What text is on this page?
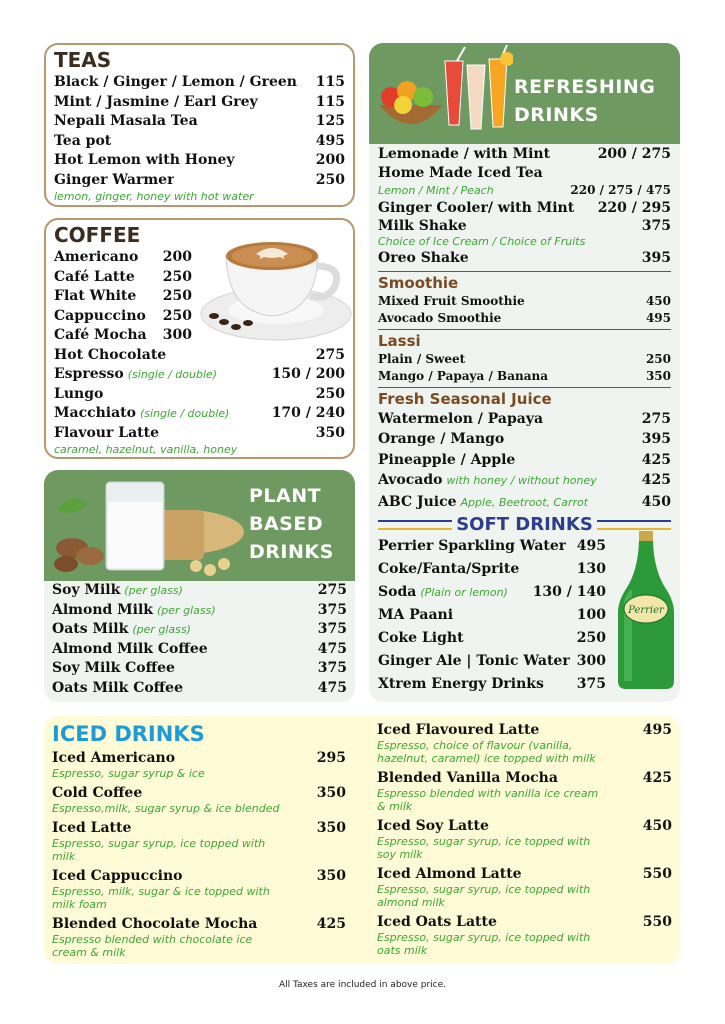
TEAS
Black / Ginger / Lemon / Green 115
Mint / Jasmine / Earl Grey	115
Nepali Masala Tea	125
Tea pot	495
Hot Lemon with Honey	200
Ginger Warmer	250
lemon, ginger, honey with hot water
COFFEE
Americano 200
Café Latte 250
Flat White 250
Cappuccino 250
Café Mocha 300
Hot Chocolate	275
Espresso (single / double)	150 / 200
Lungo	250
Macchiato (single / double)	170 / 240
Flavour Latte	350
caramel, hazelnut, vanilla, honey
PLANT
BASED
DRINKS
Soy Milk (per glass)	275
Almond Milk (per glass)	375
Oats Milk (per glass)	375
Almond Milk Coffee	475
Soy Milk Coffee	375
Oats Milk Coffee	475
REFRESHING
DRINKS
Lemonade / with Mint	200 / 275
Home Made Iced Tea
Lemon / Mint / Peach	220 / 275 / 475
Ginger Cooler/ with Mint 220 / 295
Milk Shake	375
Choice of Ice Cream / Choice of Fruits
Oreo Shake	395
Smoothie
Mixed Fruit Smoothie	450
Avocado Smoothie	495
Lassi
Plain / Sweet	250
Mango / Papaya / Banana	350
Fresh Seasonal Juice
Watermelon / Papaya	275
Orange / Mango	395
Pineapple / Apple	425
Avocado with honey / without honey	425
ABC Juice Apple, Beetroot, Carrot	450
SOFT DRINKS
Perrier Sparkling Water 495
Coke/Fanta/Sprite	130
Soda (Plain or lemon) 130 / 140
MA Paani	100
Coke Light	250
Ginger Ale | Tonic Water 300
Xtrem Energy Drinks 375
Perrier
ICED DRINKS
Iced Americano	295
Espresso, sugar syrup & ice
Cold Coffee	350
Espresso,milk, sugar syrup & ice blended
Iced Latte	350
Espresso, sugar syrup, ice topped with milk
Iced Cappuccino	350
Espresso, milk, sugar & ice topped with milk foam
Blended Chocolate Mocha	425
Espresso blended with chocolate ice cream & milk
Iced Flavoured Latte	495
Espresso, choice of flavour (vanilla, hazelnut, caramel) ice topped with milk
Blended Vanilla Mocha	425
Espresso blended with vanilla ice cream & milk
Iced Soy Latte	450
Espresso, sugar syrup, ice topped with soy milk
Iced Almond Latte	550
Espresso, sugar syrup, ice topped with almond milk
Iced Oats Latte	550
Espresso, sugar syrup, ice topped with oats milk
All Taxes are included in above price.
